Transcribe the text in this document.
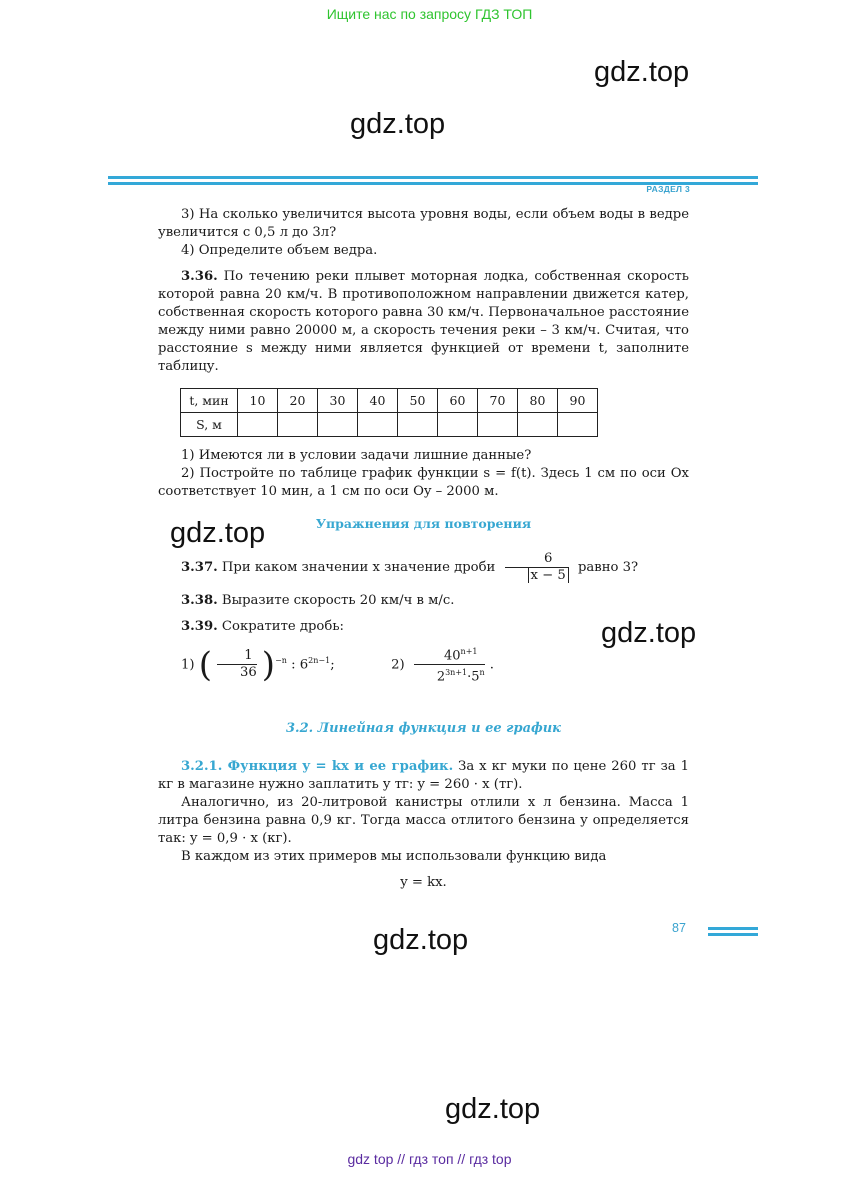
Ищите нас по запросу ГДЗ ТОП
gdz.top
gdz.top
РАЗДЕЛ 3

3) На сколько увеличится высота уровня воды, если объем воды в ведре увеличится с 0,5 л до 3л?

4) Определите объем ведра.

3.36. По течению реки плывет моторная лодка, собственная скорость которой равна 20 км/ч. В противоположном направлении движется катер, собственная скорость которого равна 30 км/ч. Первоначальное расстояние между ними равно 20000 м, а скорость течения реки – 3 км/ч. Считая, что расстояние s между ними является функцией от времени t, заполните таблицу.

t, мин	10	20	30	40	50	60	70	80	90
S, м									

1) Имеются ли в условии задачи лишние данные?

2) Постройте по таблице график функции s = f(t). Здесь 1 см по оси Ox соответствует 10 мин, а 1 см по оси Oy – 2000 м.

Упражнения для повторения

3.37. При каком значении x значение дроби $\frac{6}{x - 5}$ равно 3?

3.38. Выразите скорость 20 км/ч в м/с.

3.39. Сократите дробь:

1) ( $\frac{1}{36} )^{-n}$ : $6^{2n-1}$;	$2) \frac{40^{n+1}}{2^{3n+1}\cdot 5^n}$ .

3.2. Линейная функция и ее график

3.2.1. Функция y = kx и ее график. За x кг муки по цене 260 тг за 1 кг в магазине нужно заплатить y тг: y = 260 · x (тг).

Аналогично, из 20-литровой канистры отлили x л бензина. Масса 1 литра бензина равна 0,9 кг. Тогда масса отлитого бензина y определяется так: y = 0,9 · x (кг).

В каждом из этих примеров мы использовали функцию вида

y = kx.
gdz.top
gdz.top
gdz.top
gdz.top
87
gdz top // гдз топ // гдз top
